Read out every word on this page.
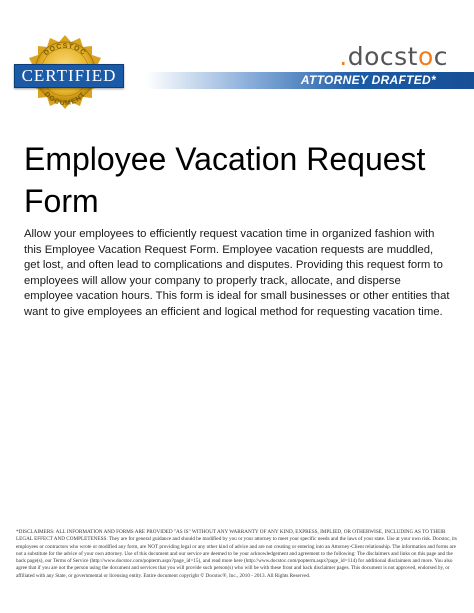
DOCSTOC
DOCUMENT
CERTIFIED
.docstoc
ATTORNEY DRAFTED*
Employee Vacation Request Form

Allow your employees to efficiently request vacation time in organized fashion with this Employee Vacation Request Form. Employee vacation requests are muddled, get lost, and often lead to complications and disputes. Providing this request form to employees will allow your company to properly track, allocate, and disperse employee vacation hours. This form is ideal for small businesses or other entities that want to give employees an efficient and logical method for requesting vacation time.

*DISCLAIMERS: ALL INFORMATION AND FORMS ARE PROVIDED "AS IS" WITHOUT ANY WARRANTY OF ANY KIND, EXPRESS, IMPLIED, OR OTHERWISE, INCLUDING AS TO THEIR LEGAL EFFECT AND COMPLETENESS. They are for general guidance and should be modified by you or your attorney to meet your specific needs and the laws of your state. Use at your own risk. Docstoc, its employees or contractors who wrote or modified any form, are NOT providing legal or any other kind of advice and are not creating or entering into an Attorney-Client relationship. The information and forms are not a substitute for the advice of your own attorney. Use of this document and our service are deemed to be your acknowledgement and agreement to the following: The disclaimers and links on this page and the back page(s), our Terms of Service (http://www.docstoc.com/popterm.aspx?page_id=15), and read more here (http://www.docstoc.com/popterm.aspx?page_id=114) for additional disclaimers and more. You also agree that if you are not the person using the document and services that you will provide such person(s) who will be with these front and back disclaimer pages. This document is not approved, endorsed by, or affiliated with any State, or governmental or licensing entity. Entire document copyright © Docstoc®, Inc., 2010 - 2013. All Rights Reserved.
